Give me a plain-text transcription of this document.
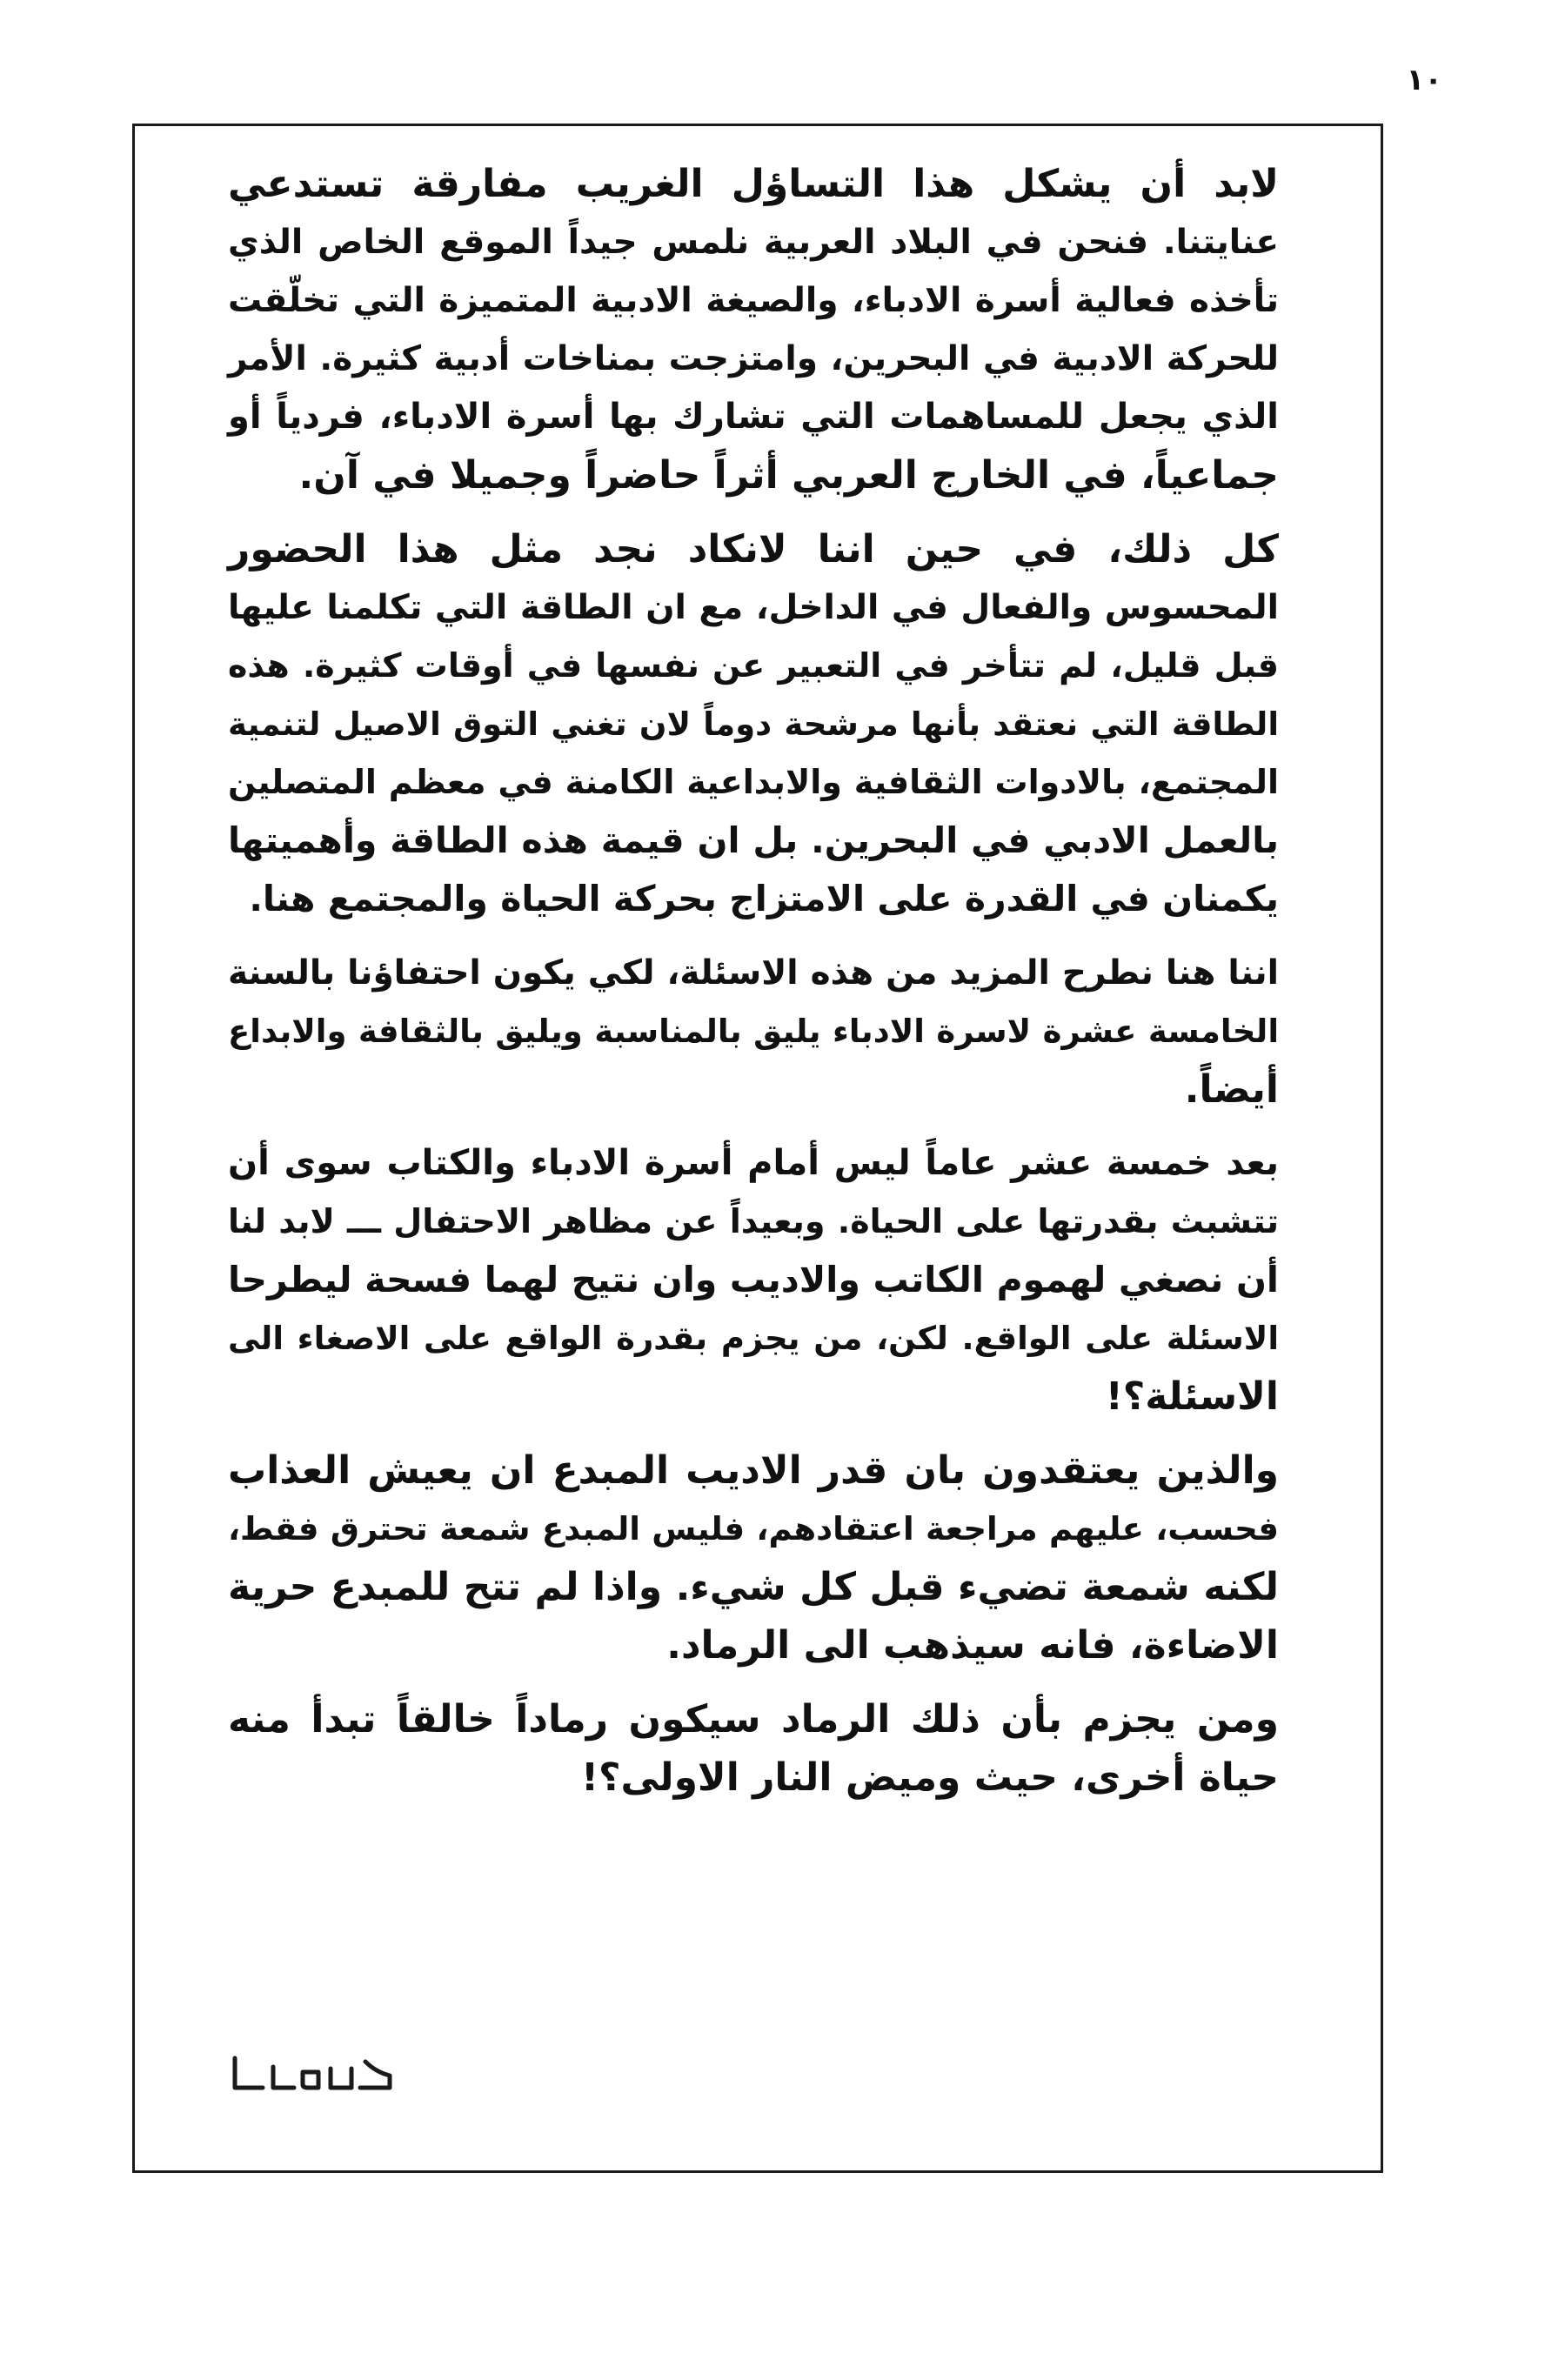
١٠
لابد أن يشكل هذا التساؤل الغريب مفارقة تستدعي
عنايتنا. فنحن في البلاد العربية نلمس جيداً الموقع الخاص الذي
تأخذه فعالية أسرة الادباء، والصيغة الادبية المتميزة التي تخلّقت
للحركة الادبية في البحرين، وامتزجت بمناخات أدبية كثيرة. الأمر
الذي يجعل للمساهمات التي تشارك بها أسرة الادباء، فردياً أو
جماعياً، في الخارج العربي أثراً حاضراً وجميلا في آن.
كل ذلك، في حين اننا لانكاد نجد مثل هذا الحضور
المحسوس والفعال في الداخل، مع ان الطاقة التي تكلمنا عليها
قبل قليل، لم تتأخر في التعبير عن نفسها في أوقات كثيرة. هذه
الطاقة التي نعتقد بأنها مرشحة دوماً لان تغني التوق الاصيل لتنمية
المجتمع، بالادوات الثقافية والابداعية الكامنة في معظم المتصلين
بالعمل الادبي في البحرين. بل ان قيمة هذه الطاقة وأهميتها
يكمنان في القدرة على الامتزاج بحركة الحياة والمجتمع هنا.
اننا هنا نطرح المزيد من هذه الاسئلة، لكي يكون احتفاؤنا بالسنة
الخامسة عشرة لاسرة الادباء يليق بالمناسبة ويليق بالثقافة والابداع
أيضاً.
بعد خمسة عشر عاماً ليس أمام أسرة الادباء والكتاب سوى أن
تتشبث بقدرتها على الحياة. وبعيداً عن مظاهر الاحتفال ـــ لابد لنا
أن نصغي لهموم الكاتب والاديب وان نتيح لهما فسحة ليطرحا
الاسئلة على الواقع. لكن، من يجزم بقدرة الواقع على الاصغاء الى
الاسئلة؟!
والذين يعتقدون بان قدر الاديب المبدع ان يعيش العذاب
فحسب، عليهم مراجعة اعتقادهم، فليس المبدع شمعة تحترق فقط،
لكنه شمعة تضيء قبل كل شيء. واذا لم تتح للمبدع حرية
الاضاءة، فانه سيذهب الى الرماد.
ومن يجزم بأن ذلك الرماد سيكون رماداً خالقاً تبدأ منه
حياة أخرى، حيث وميض النار الاولى؟!
